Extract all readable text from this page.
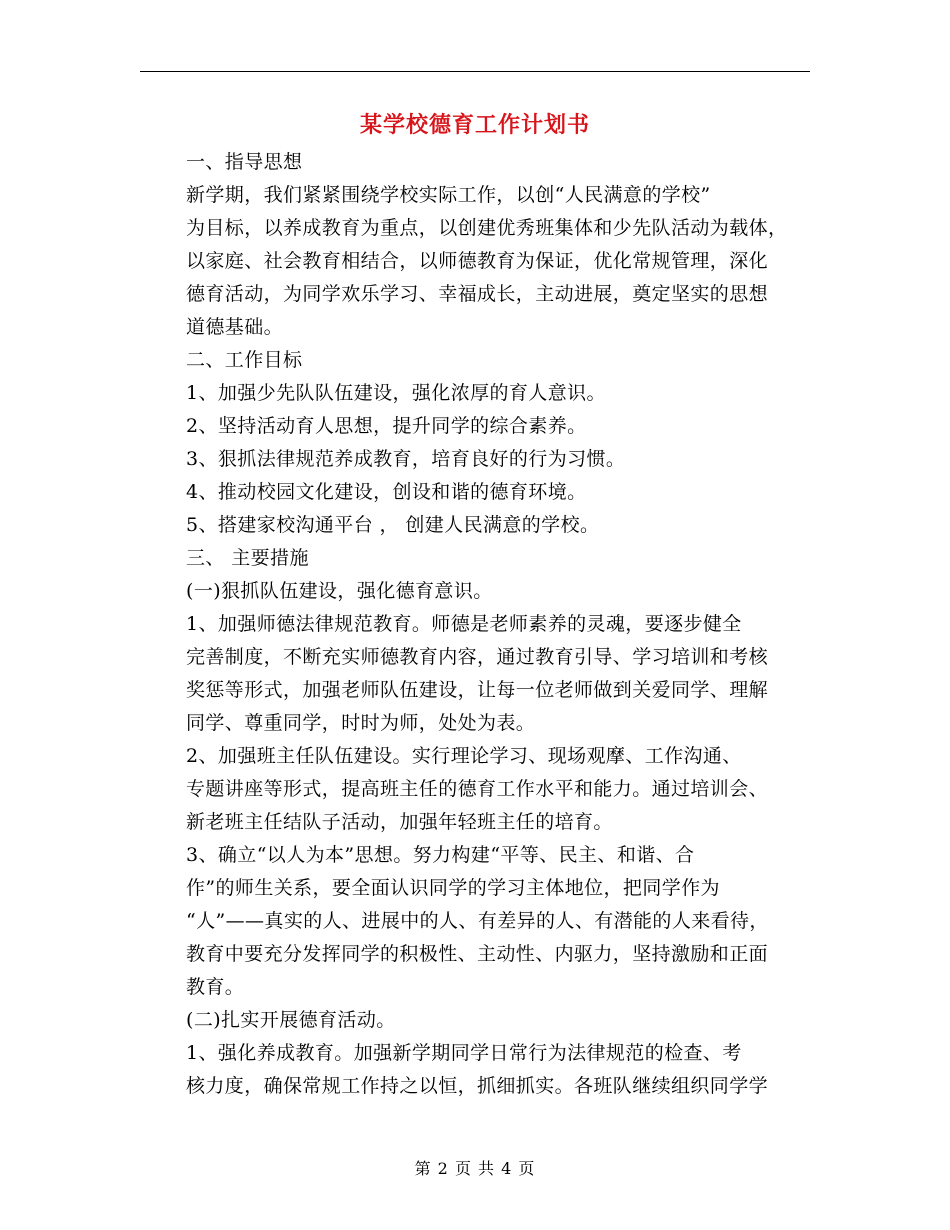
某学校德育工作计划书

一、指导思想

新学期，我们紧紧围绕学校实际工作，以创“人民满意的学校”
为目标，以养成教育为重点，以创建优秀班集体和少先队活动为载体，
以家庭、社会教育相结合，以师德教育为保证，优化常规管理，深化
德育活动，为同学欢乐学习、幸福成长，主动进展，奠定坚实的思想
道德基础。

二、工作目标

1、加强少先队队伍建设，强化浓厚的育人意识。

2、坚持活动育人思想，提升同学的综合素养。

3、狠抓法律规范养成教育，培育良好的行为习惯。

4、推动校园文化建设，创设和谐的德育环境。

5、搭建家校沟通平台 ， 创建人民满意的学校。

三、 主要措施

(一)狠抓队伍建设，强化德育意识。

1、加强师德法律规范教育。师德是老师素养的灵魂，要逐步健全
完善制度，不断充实师德教育内容，通过教育引导、学习培训和考核
奖惩等形式，加强老师队伍建设，让每一位老师做到关爱同学、理解
同学、尊重同学，时时为师，处处为表。

2、加强班主任队伍建设。实行理论学习、现场观摩、工作沟通、
专题讲座等形式，提高班主任的德育工作水平和能力。通过培训会、
新老班主任结队子活动，加强年轻班主任的培育。

3、确立“以人为本”思想。努力构建“平等、民主、和谐、合
作”的师生关系，要全面认识同学的学习主体地位，把同学作为
“人”——真实的人、进展中的人、有差异的人、有潜能的人来看待，
教育中要充分发挥同学的积极性、主动性、内驱力，坚持激励和正面
教育。

(二)扎实开展德育活动。

1、强化养成教育。加强新学期同学日常行为法律规范的检查、考
核力度，确保常规工作持之以恒，抓细抓实。各班队继续组织同学学

第 2 页 共 4 页
